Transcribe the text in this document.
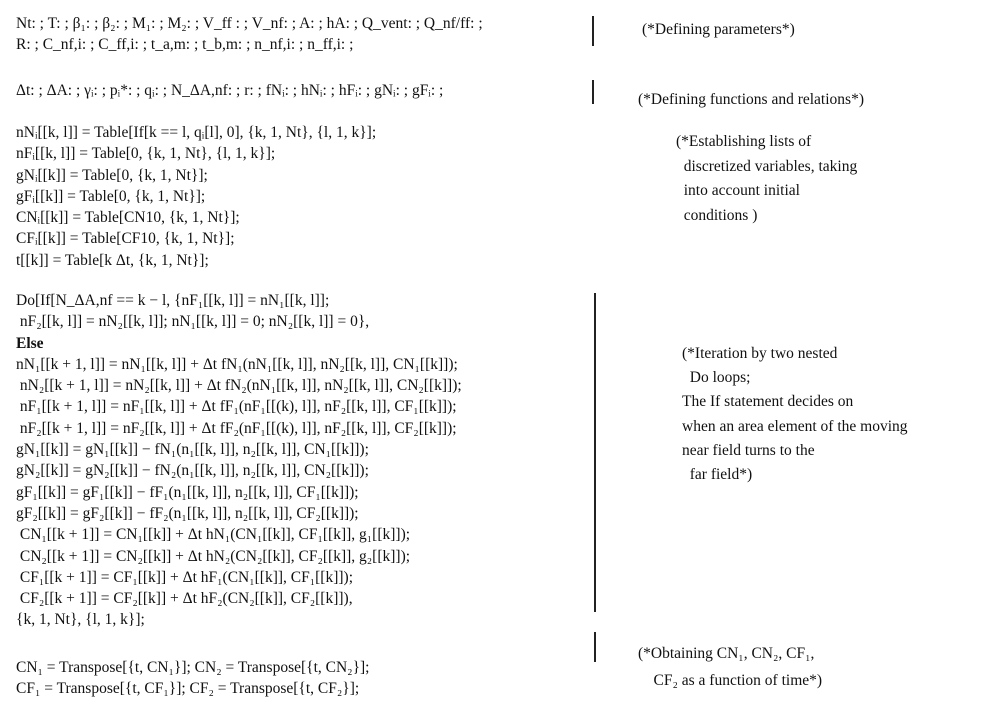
Nt: ; T: ; β₁: ; β₂: ; M₁: ; M₂: ; V_ff : ; V_nf: ; A: ; hA: ; Q_vent: ; Q_nf/ff: ;
R: ; C_nf,i: ; C_ff,i: ; t_a,m: ; t_b,m: ; n_nf,i: ; n_ff,i: ;
(*Defining parameters*)
Δt: ; ΔA: ; γᵢ: ; pᵢ*: ; qᵢ: ; N_ΔA,nf: ; r: ; fNᵢ: ; hNᵢ: ; hFᵢ: ; gNᵢ: ; gFᵢ: ;
(*Defining functions and relations*)
nNᵢ[[k, l]] = Table[If[k == l, qᵢ[l], 0], {k, 1, Nt}, {l, 1, k}];
nFᵢ[[k, l]] = Table[0, {k, 1, Nt}, {l, 1, k}];
gNᵢ[[k]] = Table[0, {k, 1, Nt}];
gFᵢ[[k]] = Table[0, {k, 1, Nt}];
CNᵢ[[k]] = Table[CN10, {k, 1, Nt}];
CFᵢ[[k]] = Table[CF10, {k, 1, Nt}];
t[[k]] = Table[k Δt, {k, 1, Nt}];
(*Establishing lists of
discretized variables, taking
into account initial
conditions )
Do[If[N_ΔA,nf == k − l, {nF₁[[k, l]] = nN₁[[k, l]];
nF₂[[k, l]] = nN₂[[k, l]]; nN₁[[k, l]] = 0; nN₂[[k, l]] = 0},
Else
nN₁[[k + 1, l]] = nN₁[[k, l]] + Δt fN₁(nN₁[[k, l]], nN₂[[k, l]], CN₁[[k]]);
nN₂[[k + 1, l]] = nN₂[[k, l]] + Δt fN₂(nN₁[[k, l]], nN₂[[k, l]], CN₂[[k]]);
nF₁[[k + 1, l]] = nF₁[[k, l]] + Δt fF₁(nF₁[[(k), l]], nF₂[[k, l]], CF₁[[k]]);
nF₂[[k + 1, l]] = nF₂[[k, l]] + Δt fF₂(nF₁[[(k), l]], nF₂[[k, l]], CF₂[[k]]);
gN₁[[k]] = gN₁[[k]] − fN₁(n₁[[k, l]], n₂[[k, l]], CN₁[[k]]);
gN₂[[k]] = gN₂[[k]] − fN₂(n₁[[k, l]], n₂[[k, l]], CN₂[[k]]);
gF₁[[k]] = gF₁[[k]] − fF₁(n₁[[k, l]], n₂[[k, l]], CF₁[[k]]);
gF₂[[k]] = gF₂[[k]] − fF₂(n₁[[k, l]], n₂[[k, l]], CF₂[[k]]);
CN₁[[k + 1]] = CN₁[[k]] + Δt hN₁(CN₁[[k]], CF₁[[k]], g₁[[k]]);
CN₂[[k + 1]] = CN₂[[k]] + Δt hN₂(CN₂[[k]], CF₂[[k]], g₂[[k]]);
CF₁[[k + 1]] = CF₁[[k]] + Δt hF₁(CN₁[[k]], CF₁[[k]]);
CF₂[[k + 1]] = CF₂[[k]] + Δt hF₂(CN₂[[k]], CF₂[[k]]),
{k, 1, Nt}, {l, 1, k}];
(*Iteration by two nested
Do loops;
The If statement decides on
when an area element of the moving
near field turns to the
far field*)
CN₁ = Transpose[{t, CN₁}]; CN₂ = Transpose[{t, CN₂}];
CF₁ = Transpose[{t, CF₁}]; CF₂ = Transpose[{t, CF₂}];
(*Obtaining CN₁, CN₂, CF₁,
CF₂ as a function of time*)
